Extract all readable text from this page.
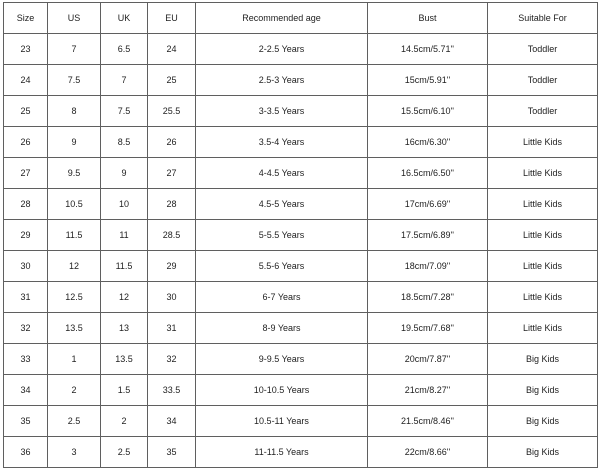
Size	US	UK	EU	Recommended age	Bust	Suitable For
23	7	6.5	24	2-2.5 Years	14.5cm/5.71''	Toddler
24	7.5	7	25	2.5-3 Years	15cm/5.91''	Toddler
25	8	7.5	25.5	3-3.5 Years	15.5cm/6.10''	Toddler
26	9	8.5	26	3.5-4 Years	16cm/6.30''	Little Kids
27	9.5	9	27	4-4.5 Years	16.5cm/6.50''	Little Kids
28	10.5	10	28	4.5-5 Years	17cm/6.69''	Little Kids
29	11.5	11	28.5	5-5.5 Years	17.5cm/6.89''	Little Kids
30	12	11.5	29	5.5-6 Years	18cm/7.09''	Little Kids
31	12.5	12	30	6-7 Years	18.5cm/7.28''	Little Kids
32	13.5	13	31	8-9 Years	19.5cm/7.68''	Little Kids
33	1	13.5	32	9-9.5 Years	20cm/7.87''	Big Kids
34	2	1.5	33.5	10-10.5 Years	21cm/8.27''	Big Kids
35	2.5	2	34	10.5-11 Years	21.5cm/8.46''	Big Kids
36	3	2.5	35	11-11.5 Years	22cm/8.66''	Big Kids
